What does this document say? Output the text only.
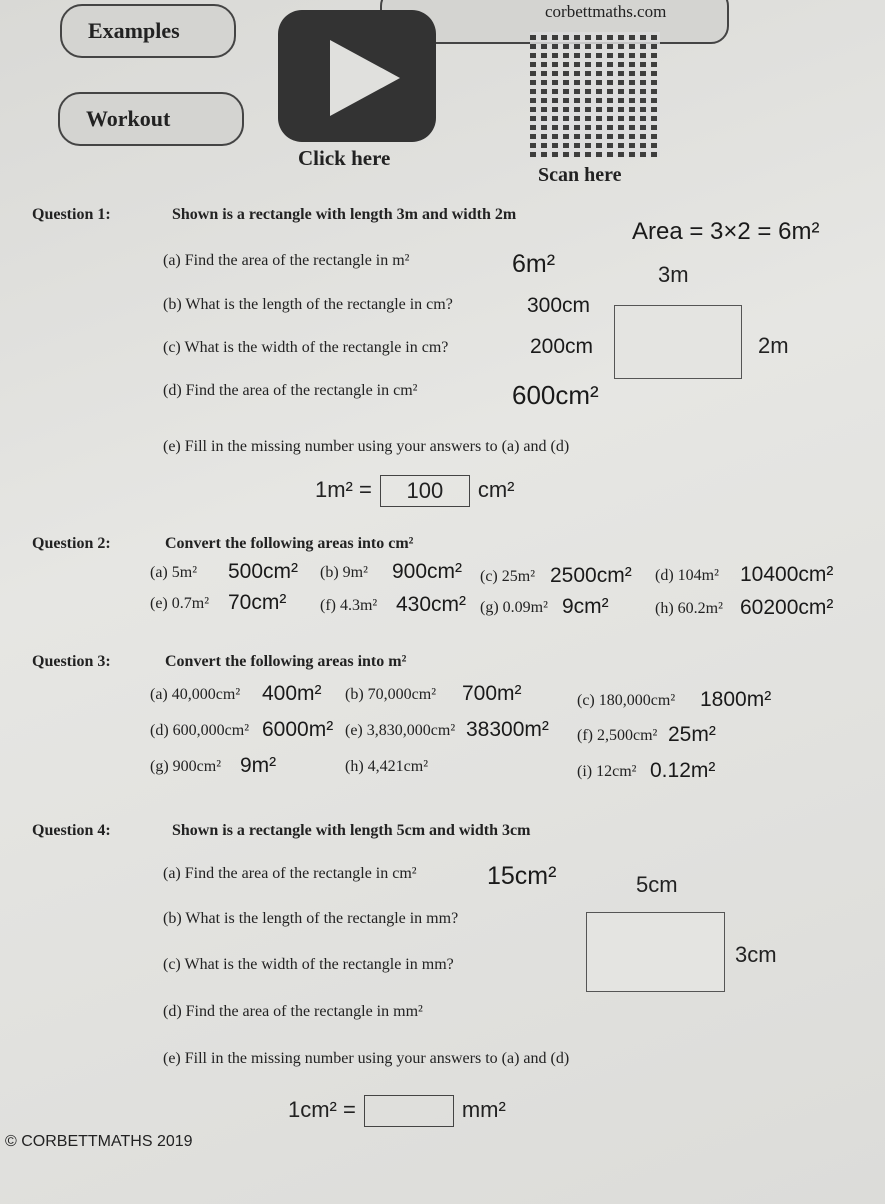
corbettmaths.com
Examples
Workout
Click here
Scan here
Question 1:	Shown is a rectangle with length 3m and width 2m
Area = 3×2 = 6m²
(a) Find the area of the rectangle in m²	6m²	3m
(b) What is the length of the rectangle in cm?	300cm
2m
(c) What is the width of the rectangle in cm?	200cm
(d) Find the area of the rectangle in cm²	600cm²
(e) Fill in the missing number using your answers to (a) and (d)
1m² = 100 cm²
Question 2:	Convert the following areas into cm²
(a) 5m² 500cm² (b) 9m² 900cm² (c) 25m² 2500cm² (d) 104m² 10400cm²
(e) 0.7m² 70cm² (f) 4.3m² 430cm² (g) 0.09m² 9cm²	(h) 60.2m² 60200cm²
Question 3:	Convert the following areas into m²
(a) 40,000cm² 400m² (b) 70,000cm² 700m²	(c) 180,000cm² 1800m²
(d) 600,000cm² 6000m² (e) 3,830,000cm² 38300m² (f) 2,500cm² 25m²
(g) 900cm² 9m²	(h) 4,421cm²	(i) 12cm² 0.12m²
Question 4:	Shown is a rectangle with length 5cm and width 3cm
(a) Find the area of the rectangle in cm²	15cm²	5cm
(b) What is the length of the rectangle in mm?
3cm
(c) What is the width of the rectangle in mm?
(d) Find the area of the rectangle in mm²
(e) Fill in the missing number using your answers to (a) and (d)
1cm² =	mm²
© CORBETTMATHS 2019
